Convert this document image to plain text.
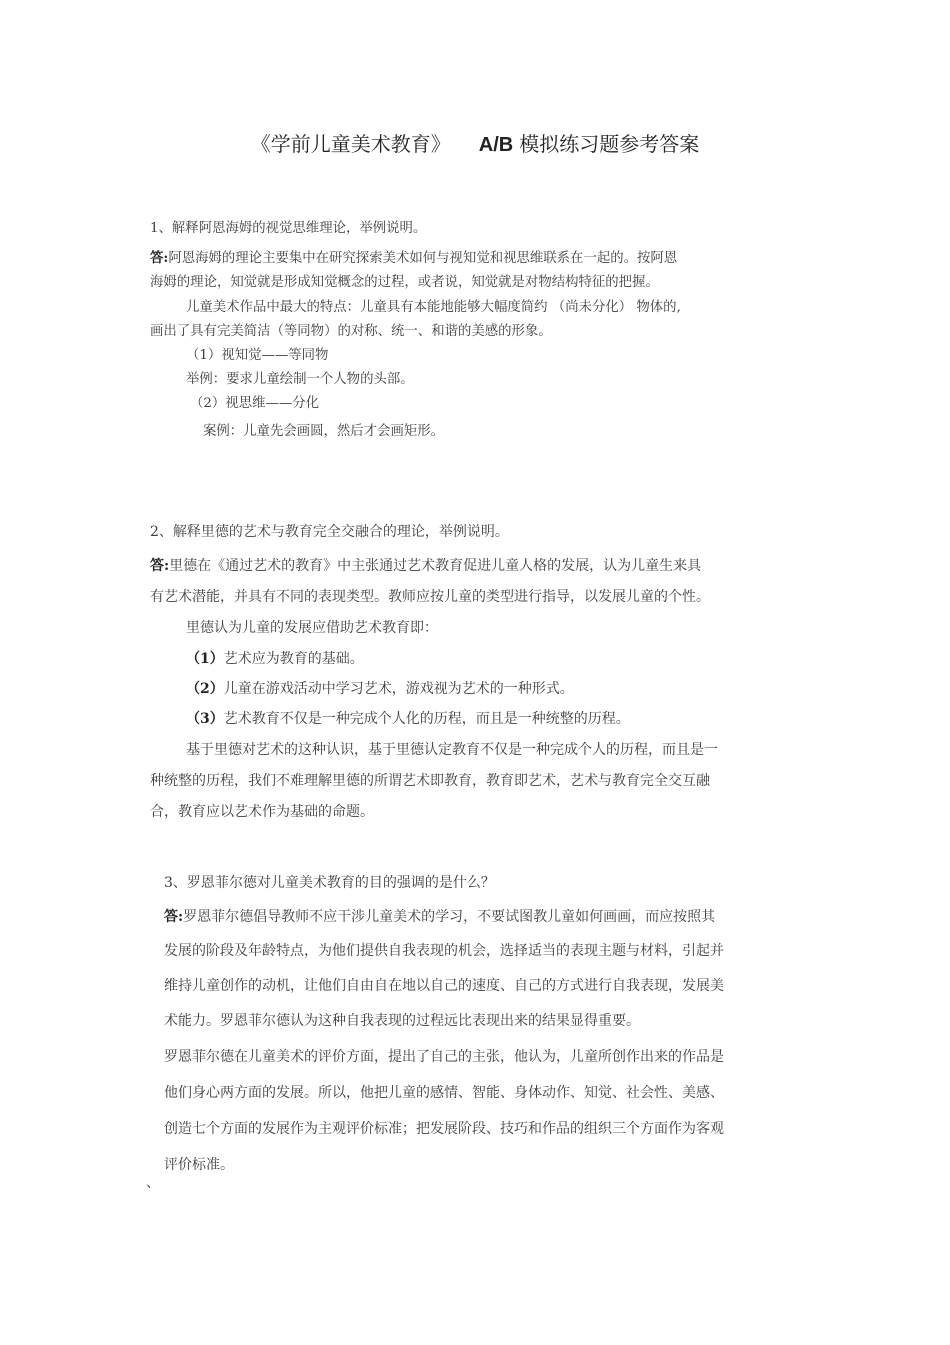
《学前儿童美术教育》 A/B 模拟练习题参考答案
1、解释阿恩海姆的视觉思维理论，举例说明。
答:阿恩海姆的理论主要集中在研究探索美术如何与视知觉和视思维联系在一起的。按阿恩
海姆的理论，知觉就是形成知觉概念的过程，或者说，知觉就是对物结构特征的把握。
儿童美术作品中最大的特点：儿童具有本能地能够大幅度简约 （尚未分化） 物体的,
画出了具有完美简洁（等同物）的对称、统一、和谐的美感的形象。
（1）视知觉——等同物
举例：要求儿童绘制一个人物的头部。
（2）视思维——分化
案例：儿童先会画圆，然后才会画矩形。
2、解释里德的艺术与教育完全交融合的理论，举例说明。
答:里德在《通过艺术的教育》中主张通过艺术教育促进儿童人格的发展，认为儿童生来具
有艺术潜能，并具有不同的表现类型。教师应按儿童的类型进行指导，以发展儿童的个性。
里德认为儿童的发展应借助艺术教育即：
（1）艺术应为教育的基础。
（2）儿童在游戏活动中学习艺术，游戏视为艺术的一种形式。
（3）艺术教育不仅是一种完成个人化的历程，而且是一种统整的历程。
基于里德对艺术的这种认识，基于里德认定教育不仅是一种完成个人的历程，而且是一
种统整的历程，我们不难理解里德的所谓艺术即教育，教育即艺术，艺术与教育完全交互融
合，教育应以艺术作为基础的命题。
3、罗恩菲尔德对儿童美术教育的目的强调的是什么？
答:罗恩菲尔德倡导教师不应干涉儿童美术的学习，不要试图教儿童如何画画，而应按照其
发展的阶段及年龄特点，为他们提供自我表现的机会，选择适当的表现主题与材料，引起并
维持儿童创作的动机，让他们自由自在地以自己的速度、自己的方式进行自我表现，发展美
术能力。罗恩菲尔德认为这种自我表现的过程远比表现出来的结果显得重要。
罗恩菲尔德在儿童美术的评价方面，提出了自己的主张，他认为，儿童所创作出来的作品是
他们身心两方面的发展。所以，他把儿童的感情、智能、身体动作、知觉、社会性、美感、
创造七个方面的发展作为主观评价标准；把发展阶段、技巧和作品的组织三个方面作为客观
评价标准。
、
